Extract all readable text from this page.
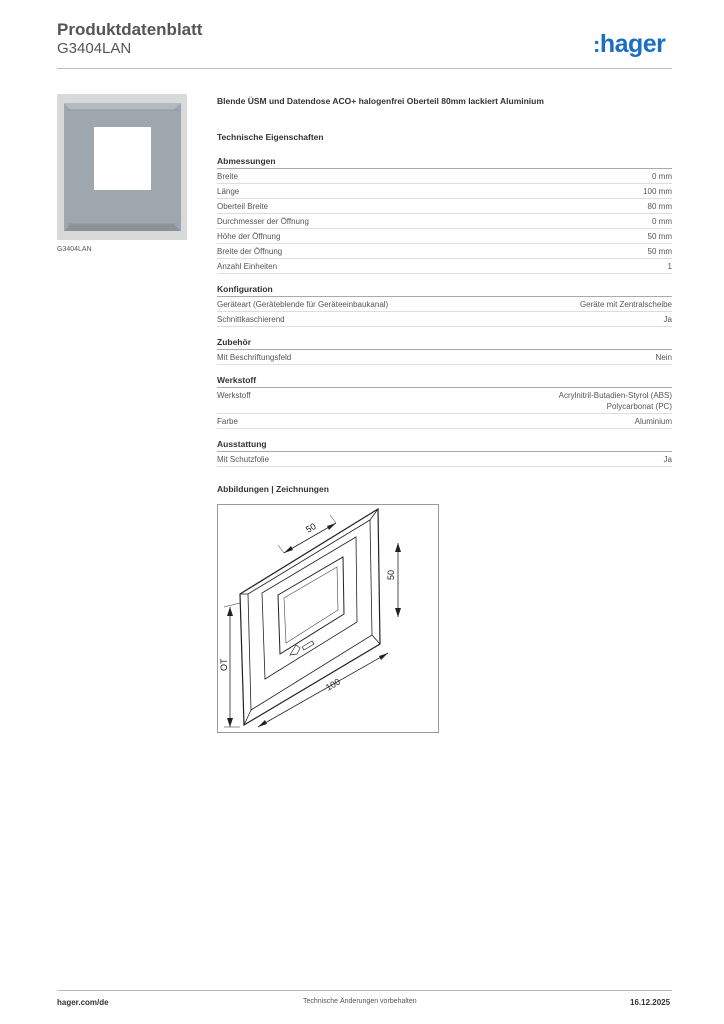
Produktdatenblatt
G3404LAN	:hager
G3404LAN
Blende ÜSM und Datendose ACO+ halogenfrei Oberteil 80mm lackiert Aluminium
Technische Eigenschaften
Abmessungen
Breite	0 mm
Länge	100 mm
Oberteil Breite	80 mm
Durchmesser der Öffnung	0 mm
Höhe der Öffnung	50 mm
Breite der Öffnung	50 mm
Anzahl Einheiten	1
Konfiguration
Geräteart (Geräteblende für Geräteeinbaukanal)	Geräte mit Zentralscheibe
Schnittkaschierend	Ja
Zubehör
Mit Beschriftungsfeld	Nein
Werkstoff
Werkstoff	Acrylnitril-Butadien-Styrol (ABS)
Polycarbonat (PC)
Farbe	Aluminium
Ausstattung
Mit Schutzfolie	Ja
Abbildungen | Zeichnungen
50
50
OT
100
hager.com/de	Technische Änderungen vorbehalten	16.12.2025
